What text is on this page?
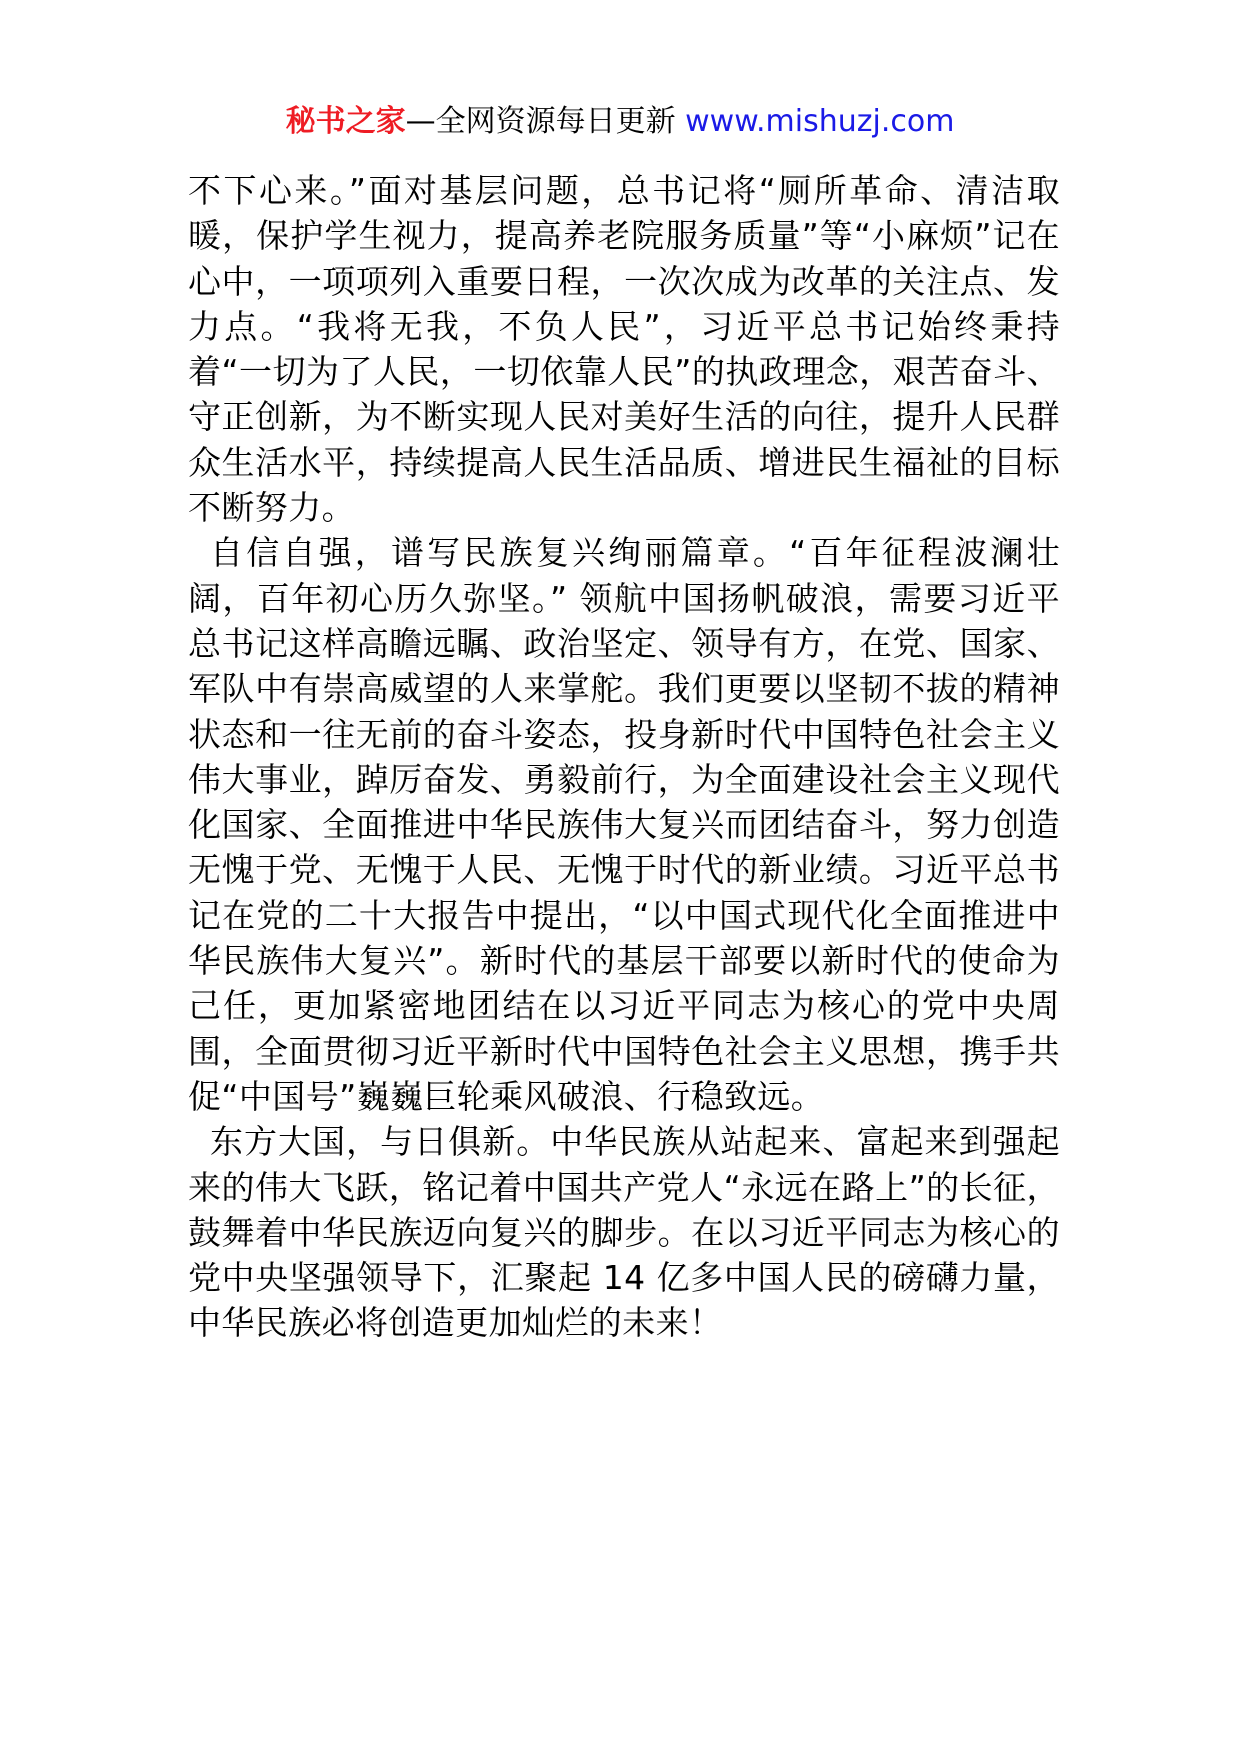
秘书之家—全网资源每日更新 www.mishuzj.com

不下心来。”面对基层问题，总书记将“厕所革命、清洁取暖，保护学生视力，提高养老院服务质量”等“小麻烦”记在心中，一项项列入重要日程，一次次成为改革的关注点、发力点。“我将无我，不负人民”，习近平总书记始终秉持着“一切为了人民，一切依靠人民”的执政理念，艰苦奋斗、守正创新，为不断实现人民对美好生活的向往，提升人民群众生活水平，持续提高人民生活品质、增进民生福祉的目标不断努力。

自信自强，谱写民族复兴绚丽篇章。“百年征程波澜壮阔，百年初心历久弥坚。” 领航中国扬帆破浪，需要习近平总书记这样高瞻远瞩、政治坚定、领导有方，在党、国家、军队中有崇高威望的人来掌舵。我们更要以坚韧不拔的精神状态和一往无前的奋斗姿态，投身新时代中国特色社会主义伟大事业，踔厉奋发、勇毅前行，为全面建设社会主义现代化国家、全面推进中华民族伟大复兴而团结奋斗，努力创造无愧于党、无愧于人民、无愧于时代的新业绩。习近平总书记在党的二十大报告中提出，“以中国式现代化全面推进中华民族伟大复兴”。新时代的基层干部要以新时代的使命为己任，更加紧密地团结在以习近平同志为核心的党中央周围，全面贯彻习近平新时代中国特色社会主义思想，携手共促“中国号”巍巍巨轮乘风破浪、行稳致远。

东方大国，与日俱新。中华民族从站起来、富起来到强起来的伟大飞跃，铭记着中国共产党人“永远在路上”的长征，鼓舞着中华民族迈向复兴的脚步。在以习近平同志为核心的党中央坚强领导下，汇聚起 14 亿多中国人民的磅礴力量，中华民族必将创造更加灿烂的未来！
